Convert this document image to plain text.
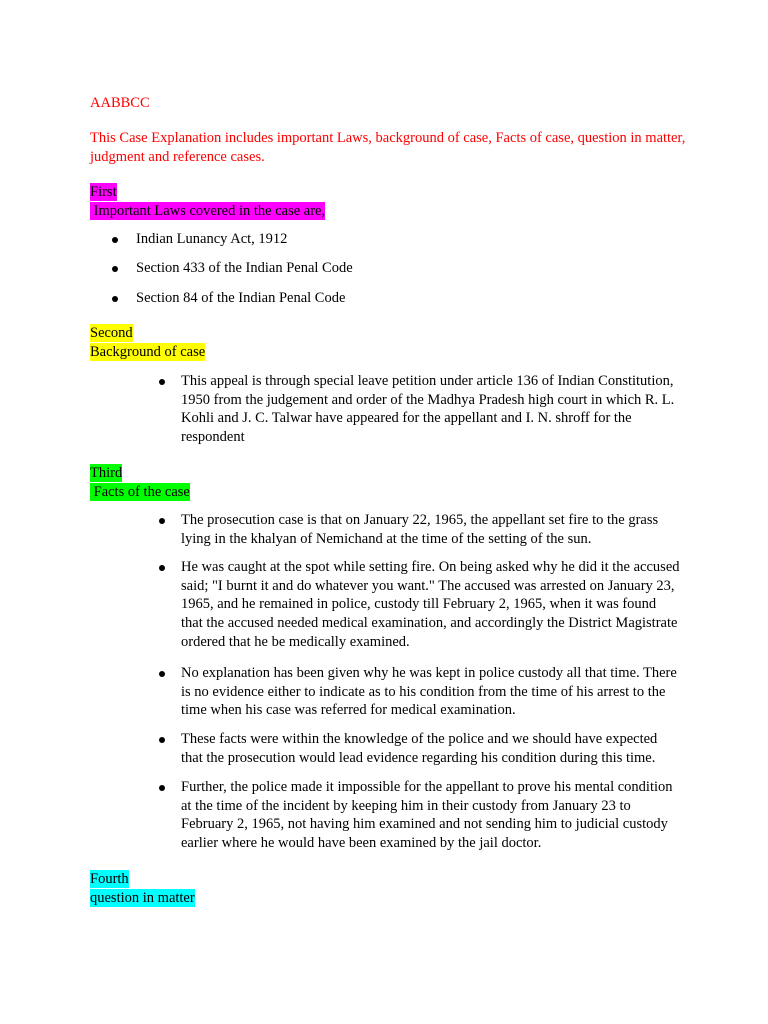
AABBCC
This Case Explanation includes important Laws, background of case, Facts of case, question in matter, judgment and reference cases.
First
Important Laws covered in the case are,
Indian Lunancy Act, 1912
Section 433 of the Indian Penal Code
Section 84 of the Indian Penal Code
Second
Background of case
This appeal is through special leave petition under article 136 of Indian Constitution, 1950 from the judgement and order of the Madhya Pradesh high court in which R. L. Kohli and J. C. Talwar have appeared for the appellant and I. N. shroff for the respondent
Third
Facts of the case
The prosecution case is that on January 22, 1965, the appellant set fire to the grass lying in the khalyan of Nemichand at the time of the setting of the sun.
He was caught at the spot while setting fire. On being asked why he did it the accused said; "I burnt it and do whatever you want." The accused was arrested on January 23, 1965, and he remained in police, custody till February 2, 1965, when it was found that the accused needed medical examination, and accordingly the District Magistrate ordered that he be medically examined.
No explanation has been given why he was kept in police custody all that time. There is no evidence either to indicate as to his condition from the time of his arrest to the time when his case was referred for medical examination.
These facts were within the knowledge of the police and we should have expected that the prosecution would lead evidence regarding his condition during this time.
Further, the police made it impossible for the appellant to prove his mental condition at the time of the incident by keeping him in their custody from January 23 to February 2, 1965, not having him examined and not sending him to judicial custody earlier where he would have been examined by the jail doctor.
Fourth
question in matter
